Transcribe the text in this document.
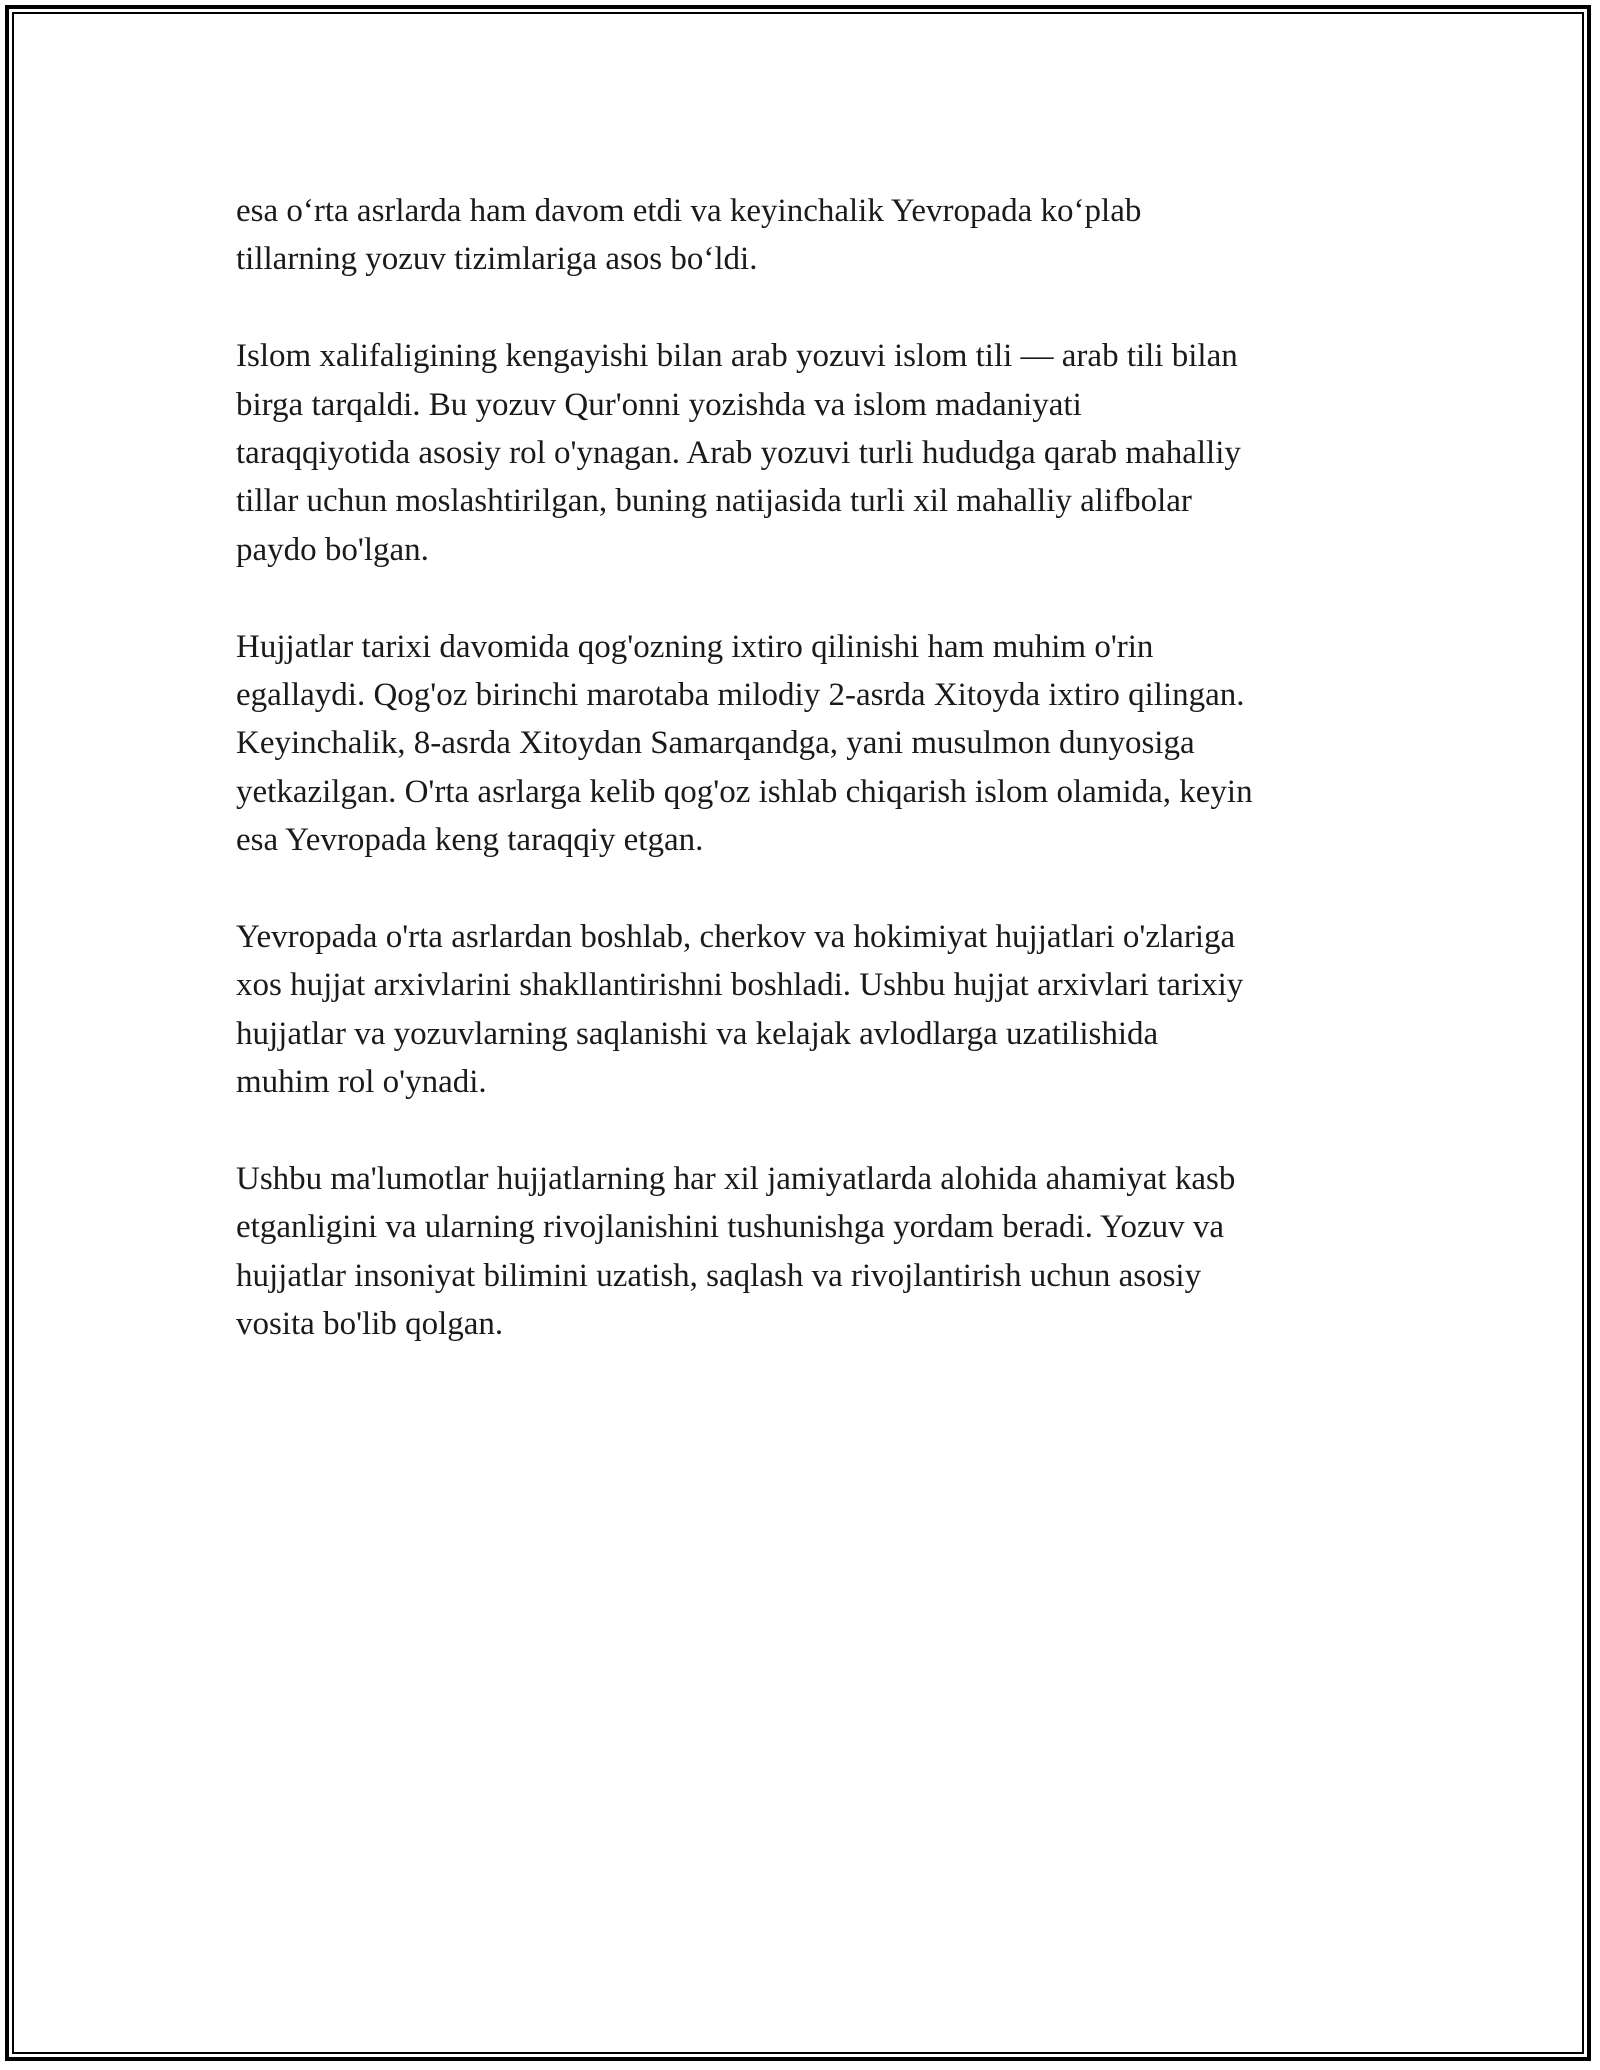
esa o‘rta asrlarda ham davom etdi va keyinchalik Yevropada ko‘plab
tillarning yozuv tizimlariga asos bo‘ldi.

Islom xalifaligining kengayishi bilan arab yozuvi islom tili — arab tili bilan
birga tarqaldi. Bu yozuv Qur'onni yozishda va islom madaniyati
taraqqiyotida asosiy rol o'ynagan. Arab yozuvi turli hududga qarab mahalliy
tillar uchun moslashtirilgan, buning natijasida turli xil mahalliy alifbolar
paydo bo'lgan.

Hujjatlar tarixi davomida qog'ozning ixtiro qilinishi ham muhim o'rin
egallaydi. Qog'oz birinchi marotaba milodiy 2-asrda Xitoyda ixtiro qilingan.
Keyinchalik, 8-asrda Xitoydan Samarqandga, yani musulmon dunyosiga
yetkazilgan. O'rta asrlarga kelib qog'oz ishlab chiqarish islom olamida, keyin
esa Yevropada keng taraqqiy etgan.

Yevropada o'rta asrlardan boshlab, cherkov va hokimiyat hujjatlari o'zlariga
xos hujjat arxivlarini shakllantirishni boshladi. Ushbu hujjat arxivlari tarixiy
hujjatlar va yozuvlarning saqlanishi va kelajak avlodlarga uzatilishida
muhim rol o'ynadi.

Ushbu ma'lumotlar hujjatlarning har xil jamiyatlarda alohida ahamiyat kasb
etganligini va ularning rivojlanishini tushunishga yordam beradi. Yozuv va
hujjatlar insoniyat bilimini uzatish, saqlash va rivojlantirish uchun asosiy
vosita bo'lib qolgan.
